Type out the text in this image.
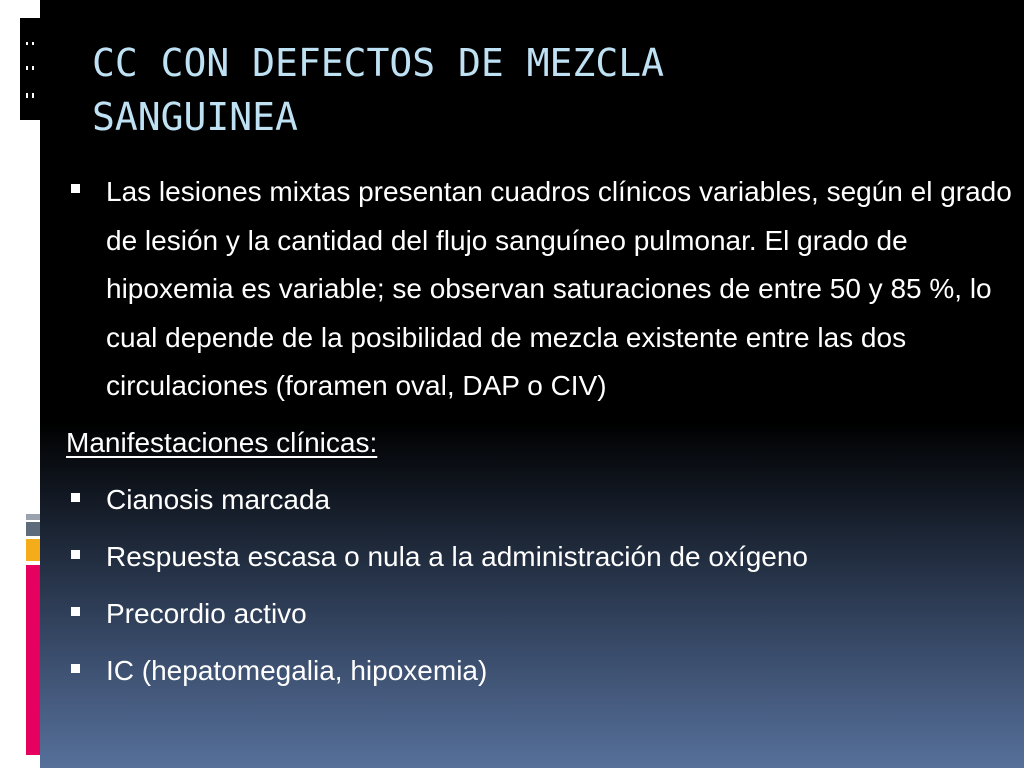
CC CON DEFECTOS DE MEZCLA SANGUINEA
Las lesiones mixtas presentan cuadros clínicos variables, según el grado de lesión y la cantidad del flujo sanguíneo pulmonar. El grado de hipoxemia es variable; se observan saturaciones de entre 50 y 85 %, lo cual depende de la posibilidad de mezcla existente entre las dos circulaciones (foramen oval, DAP o CIV)
Manifestaciones clínicas:
Cianosis marcada
Respuesta escasa o nula a la administración de oxígeno
Precordio activo
IC (hepatomegalia, hipoxemia)
